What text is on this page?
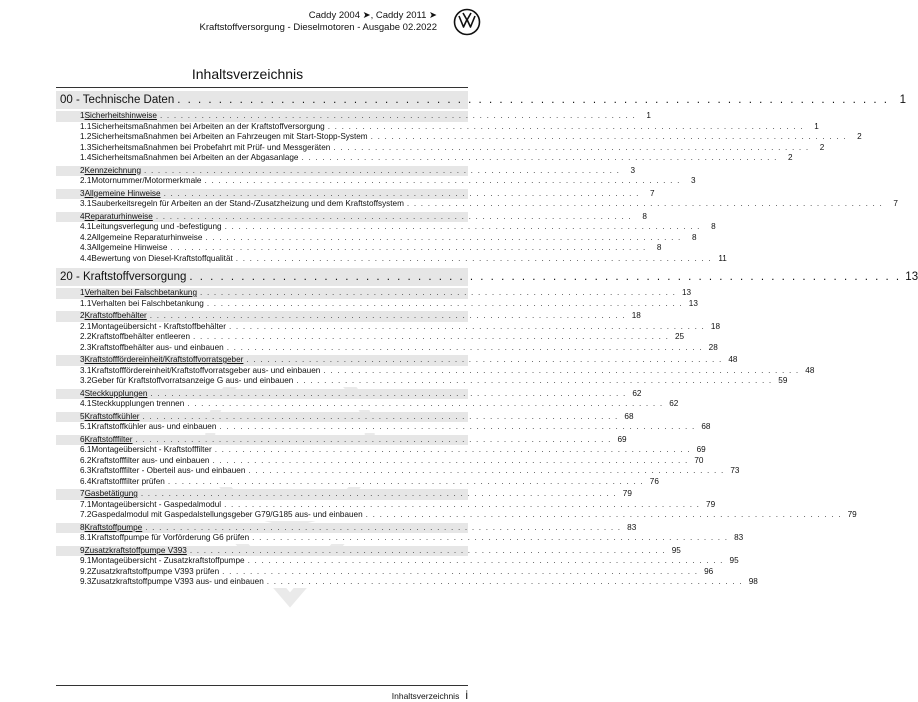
Caddy 2004 ➤, Caddy 2011 ➤
Kraftstoffversorgung - Dieselmotoren - Ausgabe 02.2022
Inhaltsverzeichnis
00 - Technische Daten . . . . . . . . . . . . . . . . . . . . . . . . . . . . . . . . . . . . . . . . . . . . . . . . . . . . . . . . . . . . . . . . . . . . . 1
1 Sicherheitshinweise . . . . . . . . . . . . . . . . . . . . . . . . . . . . . . . . . . . . . . . . . . . . . . . . . . . . . . . . . . . . . . . . . . . . .	1
1.1 Sicherheitsmaßnahmen bei Arbeiten an der Kraftstoffversorgung . . . . . . . . . . . . . . . . . . . . . . . . . . . . . . . . . . . . . . . . . . . . . . . . . . . . . . . . . . . . . . . . . . . . .	1
1.2 Sicherheitsmaßnahmen bei Arbeiten an Fahrzeugen mit Start-Stopp-System . . . . . . . . . . . . . . . . . . . . . . . . . . . . . . . . . . . . . . . . . . . . . . . . . . . . . . . . . . . . . . . . . . . . .	2
1.3 Sicherheitsmaßnahmen bei Probefahrt mit Prüf- und Messgeräten . . . . . . . . . . . . . . . . . . . . . . . . . . . . . . . . . . . . . . . . . . . . . . . . . . . . . . . . . . . . . . . . . . . . .	2
1.4 Sicherheitsmaßnahmen bei Arbeiten an der Abgasanlage . . . . . . . . . . . . . . . . . . . . . . . . . . . . . . . . . . . . . . . . . . . . . . . . . . . . . . . . . . . . . . . . . . . . .	2
2 Kennzeichnung . . . . . . . . . . . . . . . . . . . . . . . . . . . . . . . . . . . . . . . . . . . . . . . . . . . . . . . . . . . . . . . . . . . . .	3
2.1 Motornummer/Motormerkmale . . . . . . . . . . . . . . . . . . . . . . . . . . . . . . . . . . . . . . . . . . . . . . . . . . . . . . . . . . . . . . . . . . . . .	3
3 Allgemeine Hinweise . . . . . . . . . . . . . . . . . . . . . . . . . . . . . . . . . . . . . . . . . . . . . . . . . . . . . . . . . . . . . . . . . . . . .	7
3.1 Sauberkeitsregeln für Arbeiten an der Stand-/Zusatzheizung und dem Kraftstoffsystem . . . . . . . . . . . . . . . . . . . . . . . . . . . . . . . . . . . . . . . . . . . . . . . . . . . . . . . . . . . . . . . . . . . . .	7
4 Reparaturhinweise . . . . . . . . . . . . . . . . . . . . . . . . . . . . . . . . . . . . . . . . . . . . . . . . . . . . . . . . . . . . . . . . . . . . .	8
4.1 Leitungsverlegung und -befestigung . . . . . . . . . . . . . . . . . . . . . . . . . . . . . . . . . . . . . . . . . . . . . . . . . . . . . . . . . . . . . . . . . . . . .	8
4.2 Allgemeine Reparaturhinweise . . . . . . . . . . . . . . . . . . . . . . . . . . . . . . . . . . . . . . . . . . . . . . . . . . . . . . . . . . . . . . . . . . . . .	8
4.3 Allgemeine Hinweise . . . . . . . . . . . . . . . . . . . . . . . . . . . . . . . . . . . . . . . . . . . . . . . . . . . . . . . . . . . . . . . . . . . . .	8
4.4 Bewertung von Diesel-Kraftstoffqualität . . . . . . . . . . . . . . . . . . . . . . . . . . . . . . . . . . . . . . . . . . . . . . . . . . . . . . . . . . . . . . . . . . . . . 11
20 - Kraftstoffversorgung . . . . . . . . . . . . . . . . . . . . . . . . . . . . . . . . . . . . . . . . . . . . . . . . . . . . . . . . . . . . . . . . . . . . . 13
1 Verhalten bei Falschbetankung . . . . . . . . . . . . . . . . . . . . . . . . . . . . . . . . . . . . . . . . . . . . . . . . . . . . . . . . . . . . . . . . . . . . . 13
1.1 Verhalten bei Falschbetankung . . . . . . . . . . . . . . . . . . . . . . . . . . . . . . . . . . . . . . . . . . . . . . . . . . . . . . . . . . . . . . . . . . . . . 13
2 Kraftstoffbehälter . . . . . . . . . . . . . . . . . . . . . . . . . . . . . . . . . . . . . . . . . . . . . . . . . . . . . . . . . . . . . . . . . . . . . 18
2.1 Montageübersicht - Kraftstoffbehälter . . . . . . . . . . . . . . . . . . . . . . . . . . . . . . . . . . . . . . . . . . . . . . . . . . . . . . . . . . . . . . . . . . . . . 18
2.2 Kraftstoffbehälter entleeren . . . . . . . . . . . . . . . . . . . . . . . . . . . . . . . . . . . . . . . . . . . . . . . . . . . . . . . . . . . . . . . . . . . . . 25
2.3 Kraftstoffbehälter aus- und einbauen . . . . . . . . . . . . . . . . . . . . . . . . . . . . . . . . . . . . . . . . . . . . . . . . . . . . . . . . . . . . . . . . . . . . . 28
3 Kraftstofffördereinheit/Kraftstoffvorratsgeber . . . . . . . . . . . . . . . . . . . . . . . . . . . . . . . . . . . . . . . . . . . . . . . . . . . . . . . . . . . . . . . . . . . . . 48
3.1 Kraftstofffördereinheit/Kraftstoffvorratsgeber aus- und einbauen . . . . . . . . . . . . . . . . . . . . . . . . . . . . . . . . . . . . . . . . . . . . . . . . . . . . . . . . . . . . . . . . . . . . . 48
3.2 Geber für Kraftstoffvorratsanzeige G aus- und einbauen . . . . . . . . . . . . . . . . . . . . . . . . . . . . . . . . . . . . . . . . . . . . . . . . . . . . . . . . . . . . . . . . . . . . . 59
4 Steckkupplungen . . . . . . . . . . . . . . . . . . . . . . . . . . . . . . . . . . . . . . . . . . . . . . . . . . . . . . . . . . . . . . . . . . . . . 62
4.1 Steckkupplungen trennen . . . . . . . . . . . . . . . . . . . . . . . . . . . . . . . . . . . . . . . . . . . . . . . . . . . . . . . . . . . . . . . . . . . . . 62
5 Kraftstoffkühler . . . . . . . . . . . . . . . . . . . . . . . . . . . . . . . . . . . . . . . . . . . . . . . . . . . . . . . . . . . . . . . . . . . . . 68
5.1 Kraftstoffkühler aus- und einbauen . . . . . . . . . . . . . . . . . . . . . . . . . . . . . . . . . . . . . . . . . . . . . . . . . . . . . . . . . . . . . . . . . . . . . 68
6 Kraftstofffilter . . . . . . . . . . . . . . . . . . . . . . . . . . . . . . . . . . . . . . . . . . . . . . . . . . . . . . . . . . . . . . . . . . . . . 69
6.1 Montageübersicht - Kraftstofffilter . . . . . . . . . . . . . . . . . . . . . . . . . . . . . . . . . . . . . . . . . . . . . . . . . . . . . . . . . . . . . . . . . . . . . 69
6.2 Kraftstofffilter aus- und einbauen . . . . . . . . . . . . . . . . . . . . . . . . . . . . . . . . . . . . . . . . . . . . . . . . . . . . . . . . . . . . . . . . . . . . . 70
6.3 Kraftstofffilter - Oberteil aus- und einbauen . . . . . . . . . . . . . . . . . . . . . . . . . . . . . . . . . . . . . . . . . . . . . . . . . . . . . . . . . . . . . . . . . . . . . 73
6.4 Kraftstofffilter prüfen . . . . . . . . . . . . . . . . . . . . . . . . . . . . . . . . . . . . . . . . . . . . . . . . . . . . . . . . . . . . . . . . . . . . . 76
7 Gasbetätigung . . . . . . . . . . . . . . . . . . . . . . . . . . . . . . . . . . . . . . . . . . . . . . . . . . . . . . . . . . . . . . . . . . . . . 79
7.1 Montageübersicht - Gaspedalmodul . . . . . . . . . . . . . . . . . . . . . . . . . . . . . . . . . . . . . . . . . . . . . . . . . . . . . . . . . . . . . . . . . . . . . 79
7.2 Gaspedalmodul mit Gaspedalstellungsgeber G79/G185 aus- und einbauen . . . . . . . . . . . . . . . . . . . . . . . . . . . . . . . . . . . . . . . . . . . . . . . . . . . . . . . . . . . . . . . . . . . . . 79
8 Kraftstoffpumpe . . . . . . . . . . . . . . . . . . . . . . . . . . . . . . . . . . . . . . . . . . . . . . . . . . . . . . . . . . . . . . . . . . . . . 83
8.1 Kraftstoffpumpe für Vorförderung G6 prüfen . . . . . . . . . . . . . . . . . . . . . . . . . . . . . . . . . . . . . . . . . . . . . . . . . . . . . . . . . . . . . . . . . . . . . 83
9 Zusatzkraftstoffpumpe V393 . . . . . . . . . . . . . . . . . . . . . . . . . . . . . . . . . . . . . . . . . . . . . . . . . . . . . . . . . . . . . . . . . . . . . 95
9.1 Montageübersicht - Zusatzkraftstoffpumpe . . . . . . . . . . . . . . . . . . . . . . . . . . . . . . . . . . . . . . . . . . . . . . . . . . . . . . . . . . . . . . . . . . . . . 95
9.2 Zusatzkraftstoffpumpe V393 prüfen . . . . . . . . . . . . . . . . . . . . . . . . . . . . . . . . . . . . . . . . . . . . . . . . . . . . . . . . . . . . . . . . . . . . . 96
9.3 Zusatzkraftstoffpumpe V393 aus- und einbauen . . . . . . . . . . . . . . . . . . . . . . . . . . . . . . . . . . . . . . . . . . . . . . . . . . . . . . . . . . . . . . . . . . . . . 98
Inhaltsverzeichnis i
